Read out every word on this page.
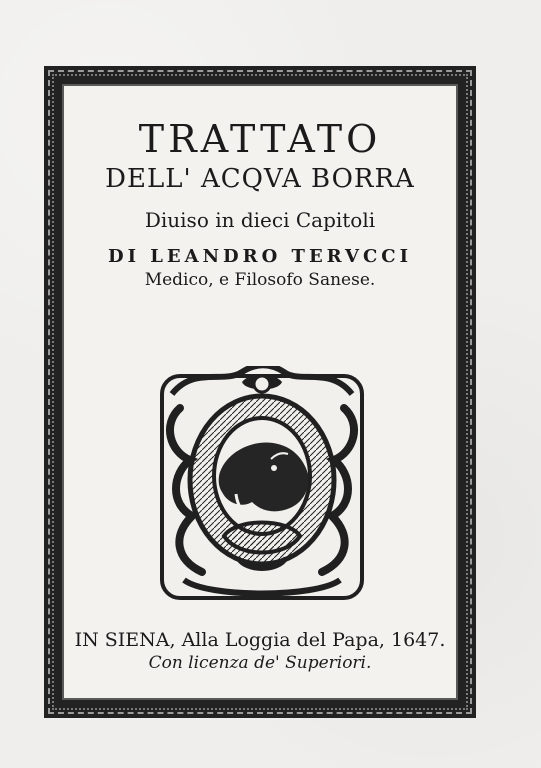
TRATTATO
DELL' ACQVA BORRA
Diuiso in dieci Capitoli
DI LEANDRO TERVCCI
Medico, e Filosofo Sanese.
IN SIENA, Alla Loggia del Papa, 1647.
Con licenza de' Superiori.
